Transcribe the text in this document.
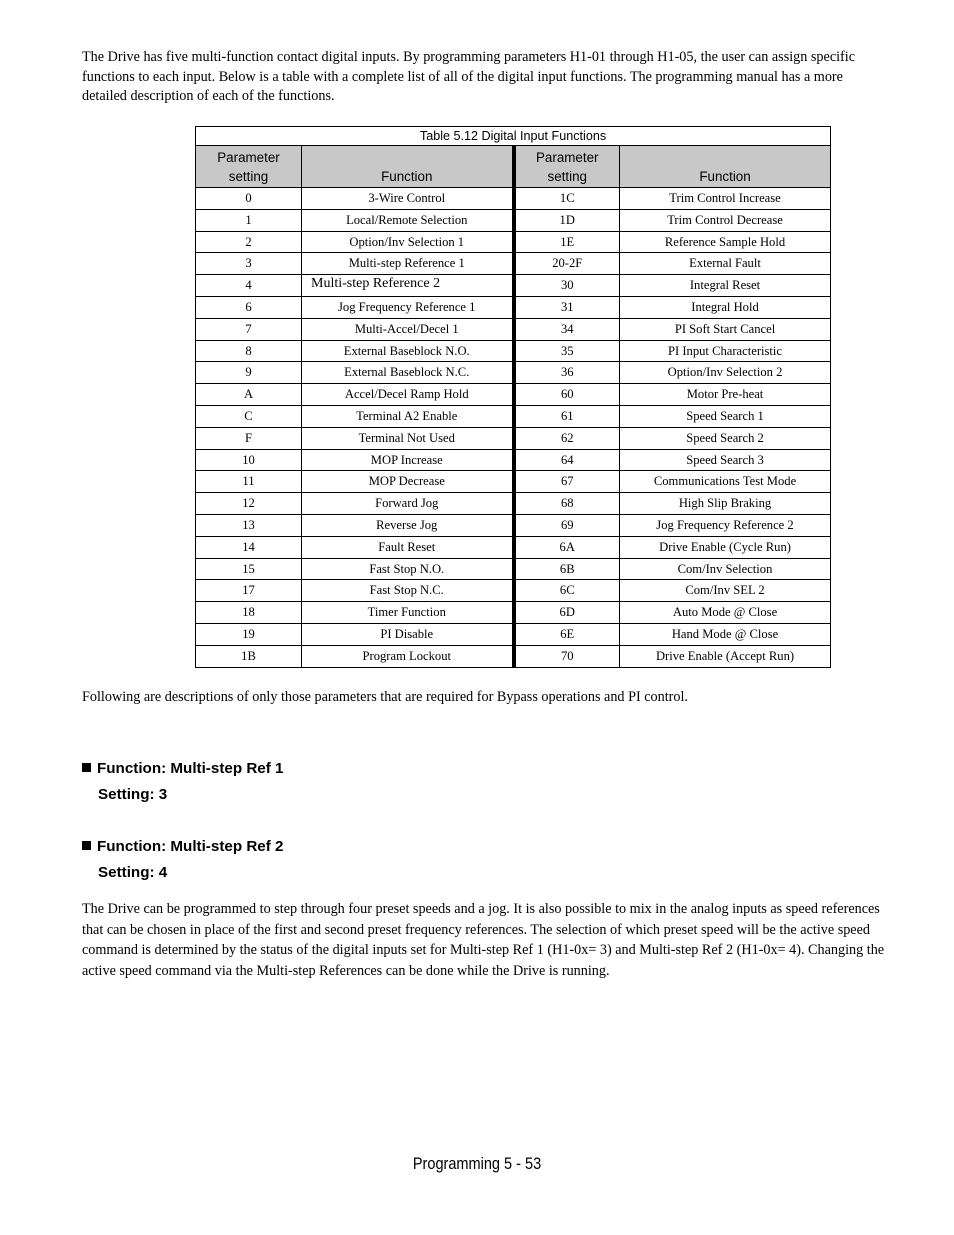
The Drive has five multi-function contact digital inputs. By programming parameters H1-01 through H1-05, the user can assign specific functions to each input. Below is a table with a complete list of all of the digital input functions. The programming manual has a more detailed description of each of the functions.

Table 5.12 Digital Input Functions			
Parameter setting	Function	Parameter setting	Function
0	3-Wire Control	1C	Trim Control Increase
1	Local/Remote Selection	1D	Trim Control Decrease
2	Option/Inv Selection 1	1E	Reference Sample Hold
3	Multi-step Reference 1	20-2F	External Fault
4	Multi-step Reference 2	30	Integral Reset
6	Jog Frequency Reference 1	31	Integral Hold
7	Multi-Accel/Decel 1	34	PI Soft Start Cancel
8	External Baseblock N.O.	35	PI Input Characteristic
9	External Baseblock N.C.	36	Option/Inv Selection 2
A	Accel/Decel Ramp Hold	60	Motor Pre-heat
C	Terminal A2 Enable	61	Speed Search 1
F	Terminal Not Used	62	Speed Search 2
10	MOP Increase	64	Speed Search 3
11	MOP Decrease	67	Communications Test Mode
12	Forward Jog	68	High Slip Braking
13	Reverse Jog	69	Jog Frequency Reference 2
14	Fault Reset	6A	Drive Enable (Cycle Run)
15	Fast Stop N.O.	6B	Com/Inv Selection
17	Fast Stop N.C.	6C	Com/Inv SEL 2
18	Timer Function	6D	Auto Mode @ Close
19	PI Disable	6E	Hand Mode @ Close
1B	Program Lockout	70	Drive Enable (Accept Run)

Following are descriptions of only those parameters that are required for Bypass operations and PI control.

Function: Multi-step Ref 1
Setting: 3
Function: Multi-step Ref 2
Setting: 4

The Drive can be programmed to step through four preset speeds and a jog. It is also possible to mix in the analog inputs as speed references that can be chosen in place of the first and second preset frequency references. The selection of which preset speed will be the active speed command is determined by the status of the digital inputs set for Multi-step Ref 1 (H1-0x= 3) and Multi-step Ref 2 (H1-0x= 4). Changing the active speed command via the Multi-step References can be done while the Drive is running.

Programming 5 - 53
